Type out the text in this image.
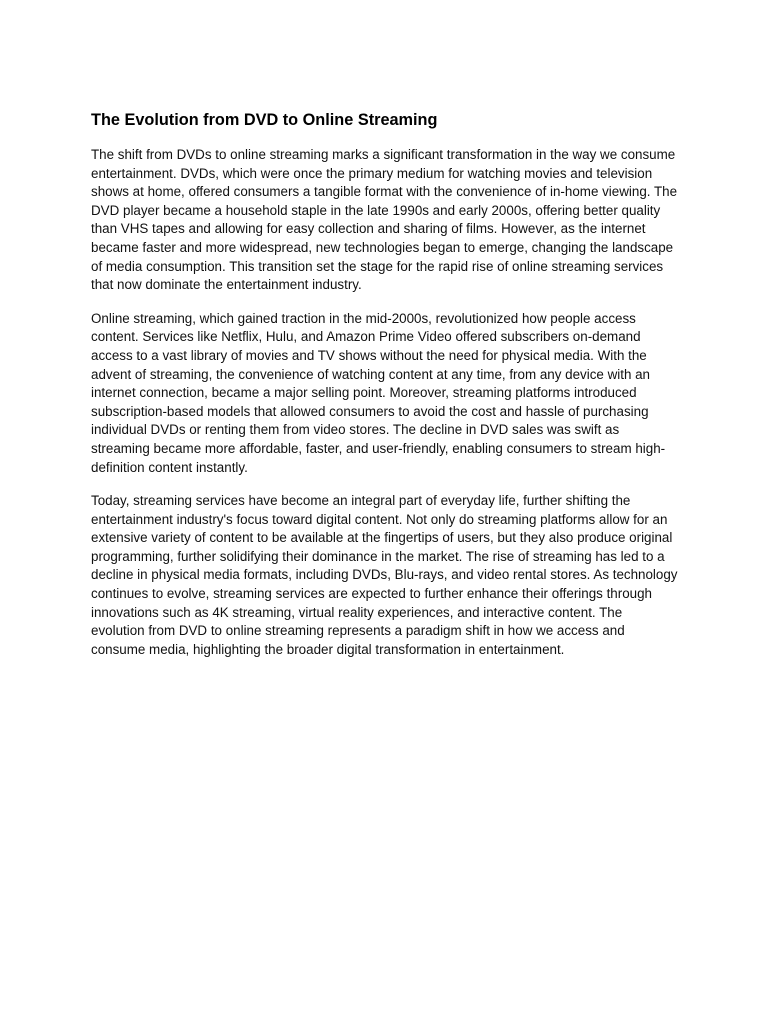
The Evolution from DVD to Online Streaming

The shift from DVDs to online streaming marks a significant transformation in the way we consume entertainment. DVDs, which were once the primary medium for watching movies and television shows at home, offered consumers a tangible format with the convenience of in-home viewing. The DVD player became a household staple in the late 1990s and early 2000s, offering better quality than VHS tapes and allowing for easy collection and sharing of films. However, as the internet became faster and more widespread, new technologies began to emerge, changing the landscape of media consumption. This transition set the stage for the rapid rise of online streaming services that now dominate the entertainment industry.

Online streaming, which gained traction in the mid-2000s, revolutionized how people access content. Services like Netflix, Hulu, and Amazon Prime Video offered subscribers on-demand access to a vast library of movies and TV shows without the need for physical media. With the advent of streaming, the convenience of watching content at any time, from any device with an internet connection, became a major selling point. Moreover, streaming platforms introduced subscription-based models that allowed consumers to avoid the cost and hassle of purchasing individual DVDs or renting them from video stores. The decline in DVD sales was swift as streaming became more affordable, faster, and user-friendly, enabling consumers to stream high-definition content instantly.

Today, streaming services have become an integral part of everyday life, further shifting the entertainment industry's focus toward digital content. Not only do streaming platforms allow for an extensive variety of content to be available at the fingertips of users, but they also produce original programming, further solidifying their dominance in the market. The rise of streaming has led to a decline in physical media formats, including DVDs, Blu-rays, and video rental stores. As technology continues to evolve, streaming services are expected to further enhance their offerings through innovations such as 4K streaming, virtual reality experiences, and interactive content. The evolution from DVD to online streaming represents a paradigm shift in how we access and consume media, highlighting the broader digital transformation in entertainment.
